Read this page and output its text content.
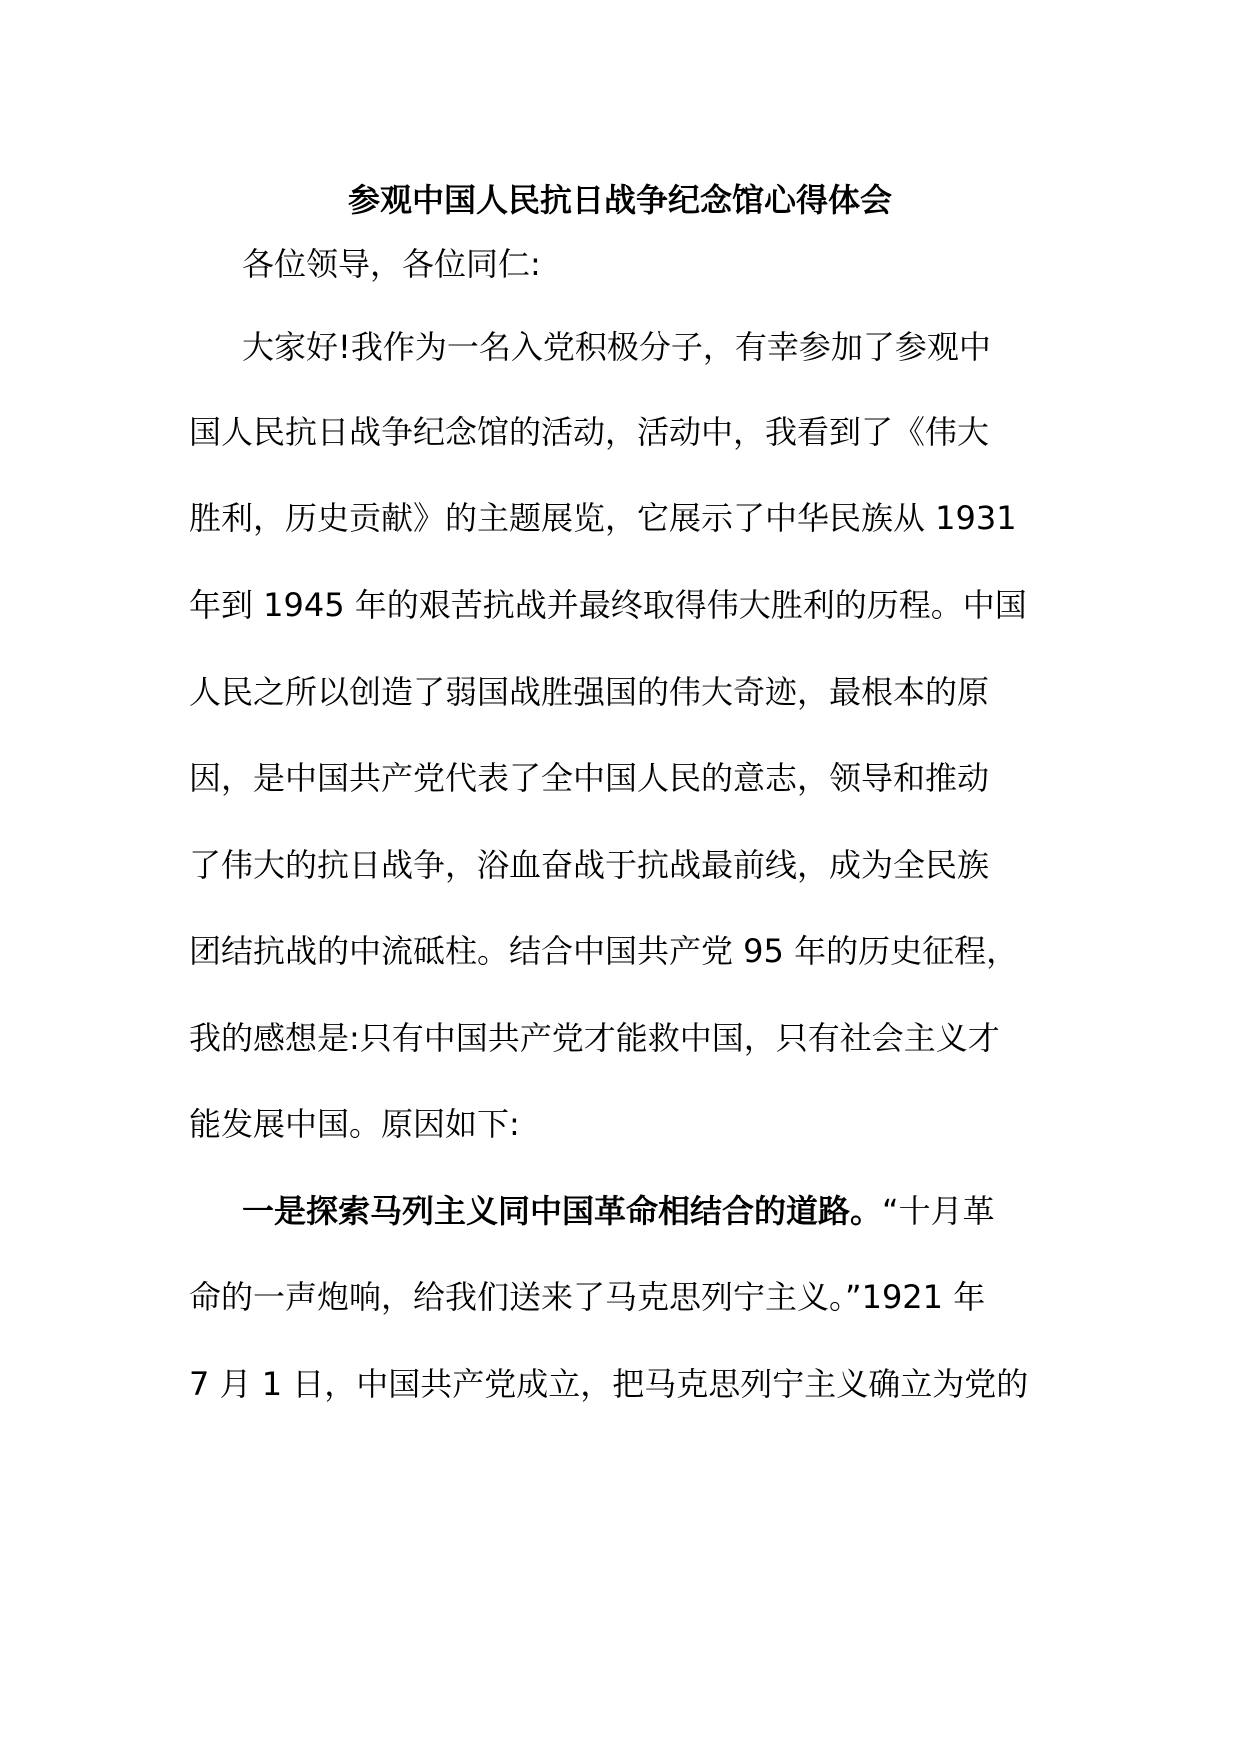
参观中国人民抗日战争纪念馆心得体会

各位领导，各位同仁:

大家好!我作为一名入党积极分子，有幸参加了参观中

国人民抗日战争纪念馆的活动，活动中，我看到了《伟大

胜利，历史贡献》的主题展览，它展示了中华民族从 1931

年到 1945 年的艰苦抗战并最终取得伟大胜利的历程。中国

人民之所以创造了弱国战胜强国的伟大奇迹，最根本的原

因，是中国共产党代表了全中国人民的意志，领导和推动

了伟大的抗日战争，浴血奋战于抗战最前线，成为全民族

团结抗战的中流砥柱。结合中国共产党 95 年的历史征程，

我的感想是:只有中国共产党才能救中国，只有社会主义才

能发展中国。原因如下:

一是探索马列主义同中国革命相结合的道路。“十月革

命的一声炮响，给我们送来了马克思列宁主义。”1921 年

7 月 1 日，中国共产党成立，把马克思列宁主义确立为党的
